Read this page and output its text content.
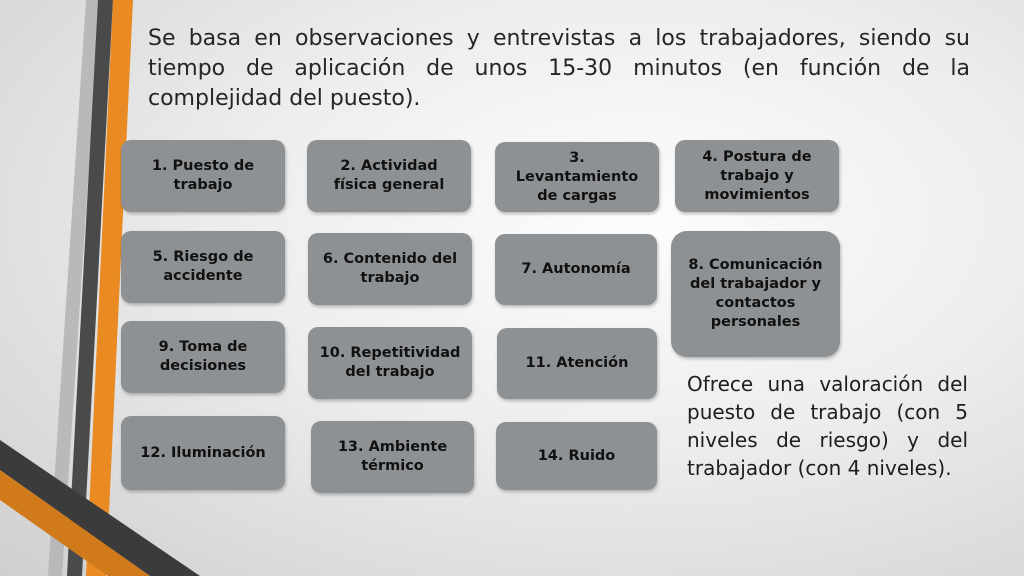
Se basa en observaciones y entrevistas a los trabajadores, siendo su tiempo de aplicación de unos 15-30 minutos (en función de la complejidad del puesto).

1. Puesto de trabajo
2. Actividad física general
3. Levantamiento de cargas
4. Postura de trabajo y movimientos
5. Riesgo de accidente
6. Contenido del trabajo
7. Autonomía	8. Comunicación del trabajador y contactos personales
9. Toma de decisiones
10. Repetitividad del trabajo
11. Atención
12. Iluminación	13. Ambiente térmico
14. Ruido

Ofrece una valoración del puesto de trabajo (con 5 niveles de riesgo) y del trabajador (con 4 niveles).
